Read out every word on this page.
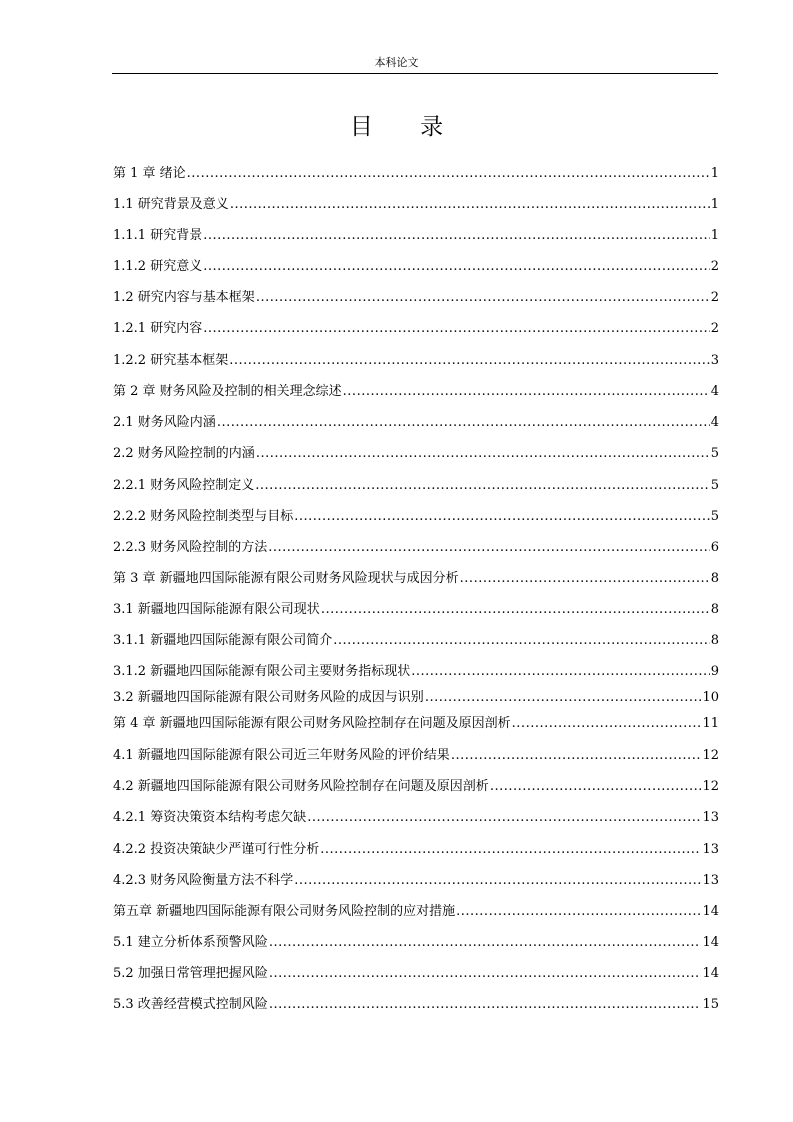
本科论文
目 录
第 1 章 绪论 .....	1
1.1 研究背景及意义 .....	1
1.1.1 研究背景 .....	1
1.1.2 研究意义 .....	2
1.2 研究内容与基本框架 .....	2
1.2.1 研究内容 .....	2
1.2.2 研究基本框架 .....	3
第 2 章 财务风险及控制的相关理念综述 .....	4
2.1 财务风险内涵 .....	4
2.2 财务风险控制的内涵 .....	5
2.2.1 财务风险控制定义 .....	5
2.2.2 财务风险控制类型与目标 .....	5
2.2.3 财务风险控制的方法 .....	6
第 3 章 新疆地四国际能源有限公司财务风险现状与成因分析 .....	8
3.1 新疆地四国际能源有限公司现状 .....	8
3.1.1 新疆地四国际能源有限公司简介 .....	8
3.1.2 新疆地四国际能源有限公司主要财务指标现状 .....	9
3.2 新疆地四国际能源有限公司财务风险的成因与识别 .....	10
第 4 章 新疆地四国际能源有限公司财务风险控制存在问题及原因剖析 .....	11
4.1 新疆地四国际能源有限公司近三年财务风险的评价结果 .....	12
4.2 新疆地四国际能源有限公司财务风险控制存在问题及原因剖析 .....	12
4.2.1 筹资决策资本结构考虑欠缺 .....	13
4.2.2 投资决策缺少严谨可行性分析 .....	13
4.2.3 财务风险衡量方法不科学 .....	13
第五章 新疆地四国际能源有限公司财务风险控制的应对措施 .....	14
5.1 建立分析体系预警风险 .....	14
5.2 加强日常管理把握风险 .....	14
5.3 改善经营模式控制风险 .....	15
